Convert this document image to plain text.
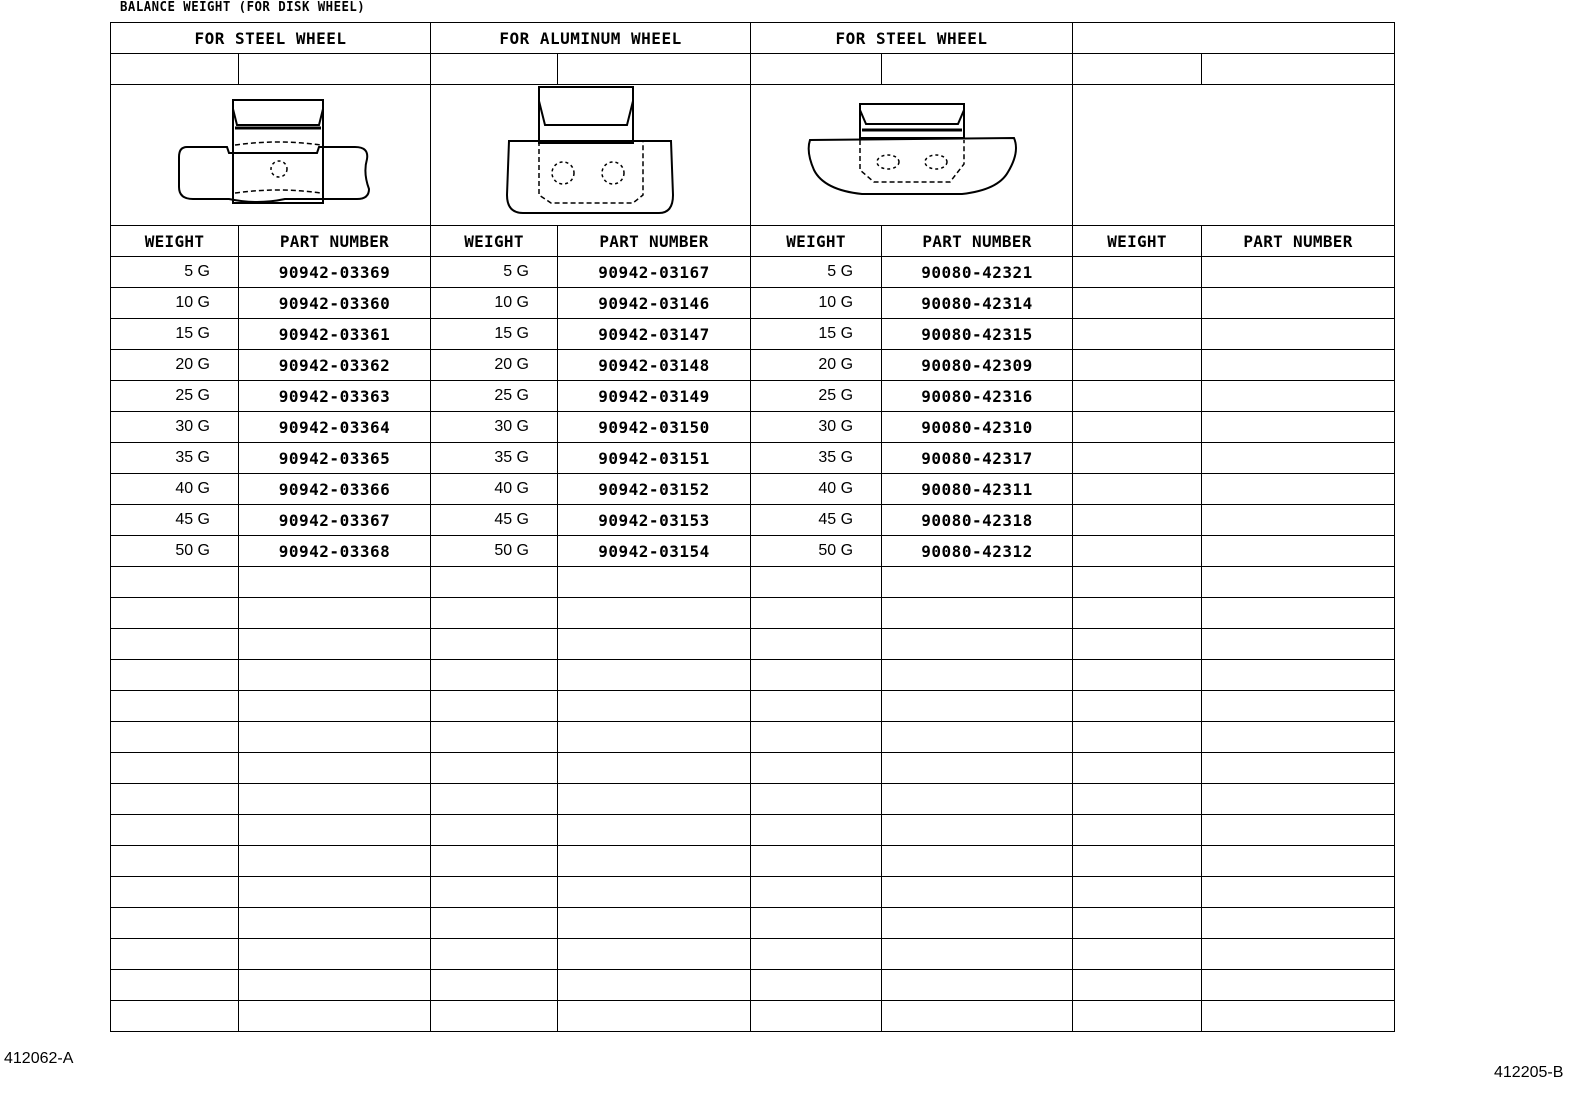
BALANCE WEIGHT (FOR DISK WHEEL)
FOR STEEL WHEEL		FOR ALUMINUM WHEEL		FOR STEEL WHEEL			

WEIGHT	PART NUMBER	WEIGHT	PART NUMBER	WEIGHT	PART NUMBER	WEIGHT	PART NUMBER
5 G	90942-03369	5 G	90942-03167	5 G	90080-42321		
10 G	90942-03360	10 G	90942-03146	10 G	90080-42314		
15 G	90942-03361	15 G	90942-03147	15 G	90080-42315		
20 G	90942-03362	20 G	90942-03148	20 G	90080-42309		
25 G	90942-03363	25 G	90942-03149	25 G	90080-42316		
30 G	90942-03364	30 G	90942-03150	30 G	90080-42310		
35 G	90942-03365	35 G	90942-03151	35 G	90080-42317		
40 G	90942-03366	40 G	90942-03152	40 G	90080-42311		
45 G	90942-03367	45 G	90942-03153	45 G	90080-42318		
50 G	90942-03368	50 G	90942-03154	50 G	90080-42312		

412062-A
412205-B
